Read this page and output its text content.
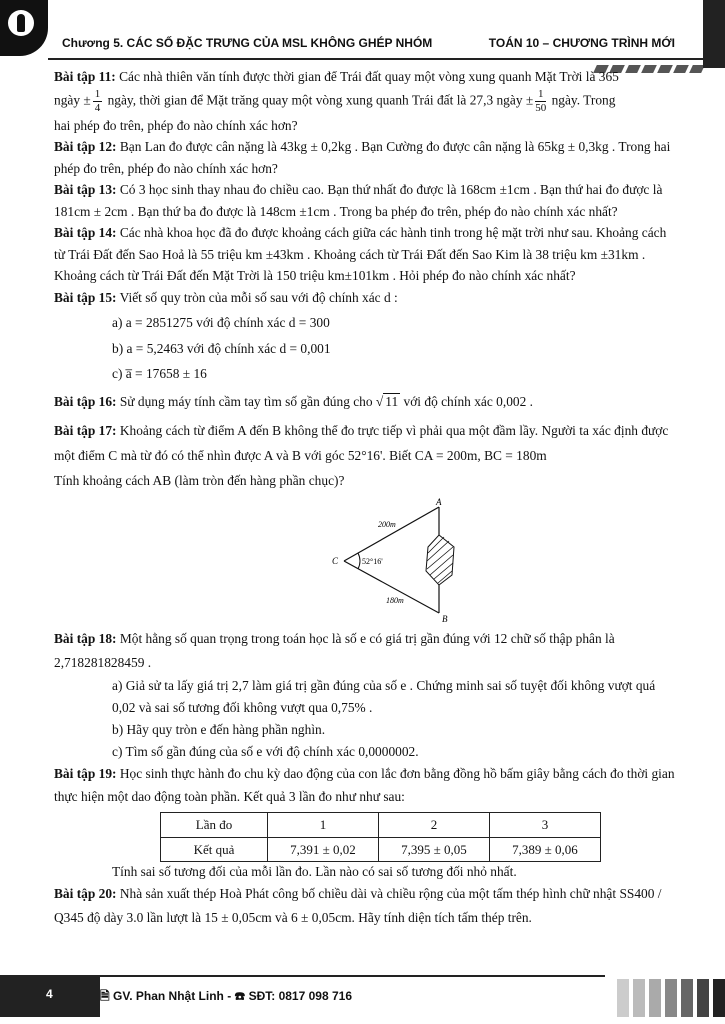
Chương 5. CÁC SỐ ĐẶC TRƯNG CỦA MSL KHÔNG GHÉP NHÓM	TOÁN 10 – CHƯƠNG TRÌNH MỚI

Bài tập 11: Các nhà thiên văn tính được thời gian để Trái đất quay một vòng xung quanh Mặt Trời là 365
ngày ± $\frac{1}{4}$ ngày, thời gian để Mặt trăng quay một vòng xung quanh Trái đất là 27,3 ngày ± $\frac{1}{50}$ ngày. Trong
hai phép đo trên, phép đo nào chính xác hơn?

Bài tập 12: Bạn Lan đo được cân nặng là 43kg ± 0,2kg . Bạn Cường đo được cân nặng là 65kg ± 0,3kg . Trong hai phép đo trên, phép đo nào chính xác hơn?

Bài tập 13: Có 3 học sinh thay nhau đo chiều cao. Bạn thứ nhất đo được là 168cm ±1cm . Bạn thứ hai đo được là 181cm ± 2cm . Bạn thứ ba đo được là 148cm ±1cm . Trong ba phép đo trên, phép đo nào chính xác nhất?

Bài tập 14: Các nhà khoa học đã đo được khoảng cách giữa các hành tinh trong hệ mặt trời như sau. Khoảng cách từ Trái Đất đến Sao Hoả là 55 triệu km ±43km . Khoảng cách từ Trái Đất đến Sao Kim là 38 triệu km ±31km . Khoảng cách từ Trái Đất đến Mặt Trời là 150 triệu km±101km . Hỏi phép đo nào chính xác nhất?

Bài tập 15: Viết số quy tròn của mỗi số sau với độ chính xác d :

a) a = 2851275 với độ chính xác d = 300

b) a = 5,2463 với độ chính xác d = 0,001

c) a̅ = 17658 ± 16

Bài tập 16: Sử dụng máy tính cầm tay tìm số gần đúng cho √ 11 với độ chính xác 0,002 .

Bài tập 17: Khoảng cách từ điểm A đến B không thể đo trực tiếp vì phải qua một đầm lầy. Người ta xác định được một điểm C mà từ đó có thể nhìn được A và B với góc 52°16'. Biết CA = 200m, BC = 180m
Tính khoảng cách AB (làm tròn đến hàng phần chục)?

A
B
C
200m
180m
52°16'

Bài tập 18: Một hằng số quan trọng trong toán học là số e có giá trị gần đúng với 12 chữ số thập phân là 2,718281828459 .

a) Giả sử ta lấy giá trị 2,7 làm giá trị gần đúng của số e . Chứng minh sai số tuyệt đối không vượt quá 0,02 và sai số tương đối không vượt qua 0,75% .

b) Hãy quy tròn e đến hàng phần nghìn.

c) Tìm số gần đúng của số e với độ chính xác 0,0000002.

Bài tập 19: Học sinh thực hành đo chu kỳ dao động của con lắc đơn bằng đồng hồ bấm giây bằng cách đo thời gian thực hiện một dao động toàn phần. Kết quả 3 lần đo như như sau:

Lần đo	1	2	3
Kết quả	7,391 ± 0,02	7,395 ± 0,05	7,389 ± 0,06

Tính sai số tương đối của mỗi lần đo. Lần nào có sai số tương đối nhỏ nhất.

Bài tập 20: Nhà sản xuất thép Hoà Phát công bố chiều dài và chiều rộng của một tấm thép hình chữ nhật SS400 / Q345 độ dày 3.0 lần lượt là 15 ± 0,05cm và 6 ± 0,05cm. Hãy tính diện tích tấm thép trên.

4	🗎 GV. Phan Nhật Linh - ☎ SĐT: 0817 098 716
